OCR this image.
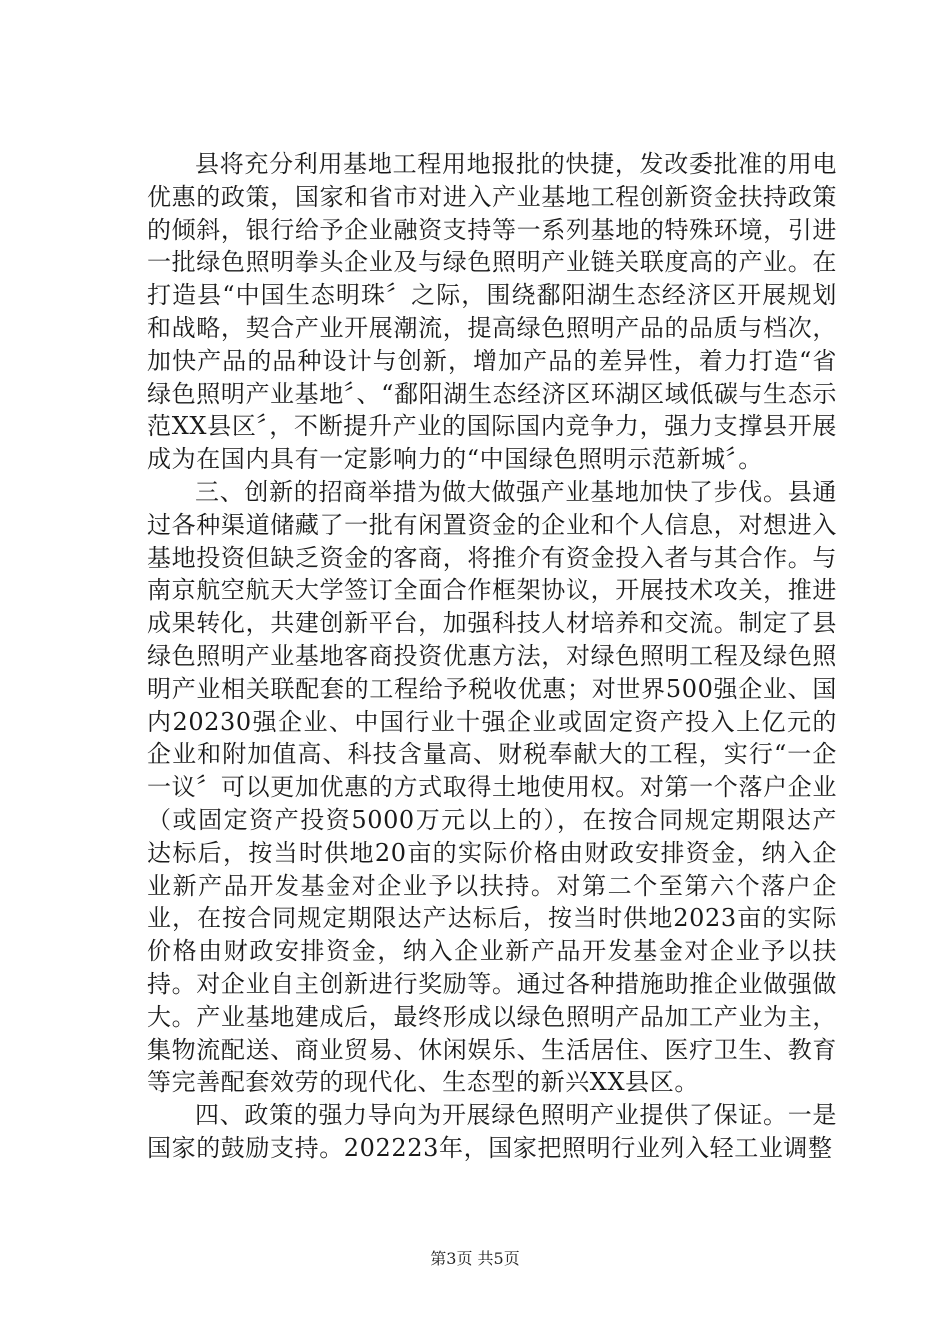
县将充分利用基地工程用地报批的快捷，发改委批准的用电优惠的政策，国家和省市对进入产业基地工程创新资金扶持政策的倾斜，银行给予企业融资支持等一系列基地的特殊环境，引进一批绿色照明拳头企业及与绿色照明产业链关联度高的产业。在打造县“中国生态明珠〞之际，围绕鄱阳湖生态经济区开展规划和战略，契合产业开展潮流，提高绿色照明产品的品质与档次，加快产品的品种设计与创新，增加产品的差异性，着力打造“省绿色照明产业基地〞、“鄱阳湖生态经济区环湖区域低碳与生态示范XX县区〞，不断提升产业的国际国内竞争力，强力支撑县开展成为在国内具有一定影响力的“中国绿色照明示范新城〞。

三、创新的招商举措为做大做强产业基地加快了步伐。县通过各种渠道储藏了一批有闲置资金的企业和个人信息，对想进入基地投资但缺乏资金的客商，将推介有资金投入者与其合作。与南京航空航天大学签订全面合作框架协议，开展技术攻关，推进成果转化，共建创新平台，加强科技人材培养和交流。制定了县绿色照明产业基地客商投资优惠方法，对绿色照明工程及绿色照明产业相关联配套的工程给予税收优惠；对世界500强企业、国内20230强企业、中国行业十强企业或固定资产投入上亿元的企业和附加值高、科技含量高、财税奉献大的工程，实行“一企一议〞可以更加优惠的方式取得土地使用权。对第一个落户企业（或固定资产投资5000万元以上的），在按合同规定期限达产达标后，按当时供地20亩的实际价格由财政安排资金，纳入企业新产品开发基金对企业予以扶持。对第二个至第六个落户企业，在按合同规定期限达产达标后，按当时供地2023亩的实际价格由财政安排资金，纳入企业新产品开发基金对企业予以扶持。对企业自主创新进行奖励等。通过各种措施助推企业做强做大。产业基地建成后，最终形成以绿色照明产品加工产业为主，集物流配送、商业贸易、休闲娱乐、生活居住、医疗卫生、教育等完善配套效劳的现代化、生态型的新兴XX县区。

四、政策的强力导向为开展绿色照明产业提供了保证。一是国家的鼓励支持。202223年，国家把照明行业列入轻工业调整

第3页 共5页
